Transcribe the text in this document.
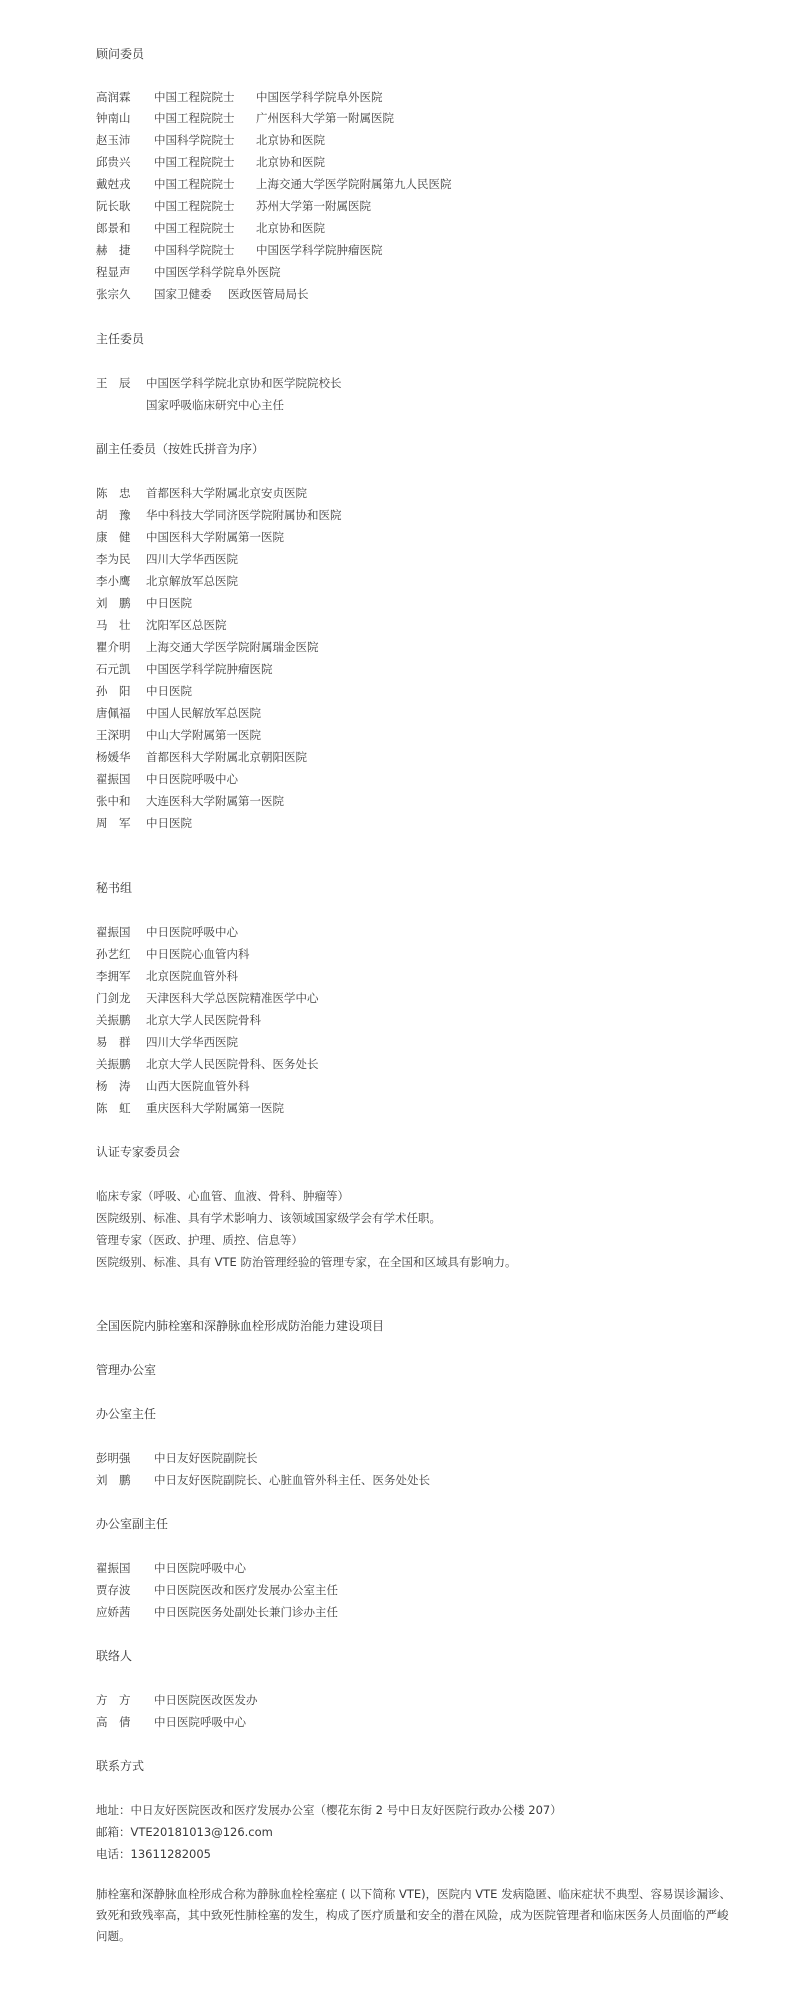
顾问委员
高润霖 中国工程院院士 中国医学科学院阜外医院
钟南山 中国工程院院士 广州医科大学第一附属医院
赵玉沛 中国科学院院士 北京协和医院
邱贵兴 中国工程院院士 北京协和医院
戴尅戎 中国工程院院士 上海交通大学医学院附属第九人民医院
阮长耿 中国工程院院士 苏州大学第一附属医院
郎景和 中国工程院院士 北京协和医院
赫　捷 中国科学院院士 中国医学科学院肿瘤医院
程显声 中国医学科学院阜外医院
张宗久 国家卫健委 医政医管局局长
主任委员
王　辰 中国医学科学院北京协和医学院院校长
国家呼吸临床研究中心主任
副主任委员（按姓氏拼音为序）
陈　忠 首都医科大学附属北京安贞医院
胡　豫 华中科技大学同济医学院附属协和医院
康　健 中国医科大学附属第一医院
李为民 四川大学华西医院
李小鹰 北京解放军总医院
刘　鹏 中日医院
马　壮 沈阳军区总医院
瞿介明 上海交通大学医学院附属瑞金医院
石元凯 中国医学科学院肿瘤医院
孙　阳 中日医院
唐佩福 中国人民解放军总医院
王深明 中山大学附属第一医院
杨媛华 首都医科大学附属北京朝阳医院
翟振国 中日医院呼吸中心
张中和 大连医科大学附属第一医院
周　军 中日医院
秘书组
翟振国 中日医院呼吸中心
孙艺红 中日医院心血管内科
李拥军 北京医院血管外科
门剑龙 天津医科大学总医院精准医学中心
关振鹏 北京大学人民医院骨科
易　群 四川大学华西医院
关振鹏 北京大学人民医院骨科、医务处长
杨　涛 山西大医院血管外科
陈　虹 重庆医科大学附属第一医院
认证专家委员会
临床专家（呼吸、心血管、血液、骨科、肿瘤等）
医院级别、标准、具有学术影响力、该领域国家级学会有学术任职。
管理专家（医政、护理、质控、信息等）
医院级别、标准、具有 VTE 防治管理经验的管理专家，在全国和区域具有影响力。
全国医院内肺栓塞和深静脉血栓形成防治能力建设项目
管理办公室
办公室主任
彭明强 中日友好医院副院长
刘　鹏 中日友好医院副院长、心脏血管外科主任、医务处处长
办公室副主任
翟振国 中日医院呼吸中心
贾存波 中日医院医改和医疗发展办公室主任
应娇茜 中日医院医务处副处长兼门诊办主任
联络人
方　方 中日医院医改医发办
高　倩 中日医院呼吸中心
联系方式
地址：中日友好医院医改和医疗发展办公室（樱花东街 2 号中日友好医院行政办公楼 207）
邮箱：VTE20181013@126.com
电话：13611282005
肺栓塞和深静脉血栓形成合称为静脉血栓栓塞症 ( 以下简称 VTE)，医院内 VTE 发病隐匿、临床症状不典型、容易误诊漏诊、致死和致残率高，其中致死性肺栓塞的发生，构成了医疗质量和安全的潜在风险，成为医院管理者和临床医务人员面临的严峻问题。
